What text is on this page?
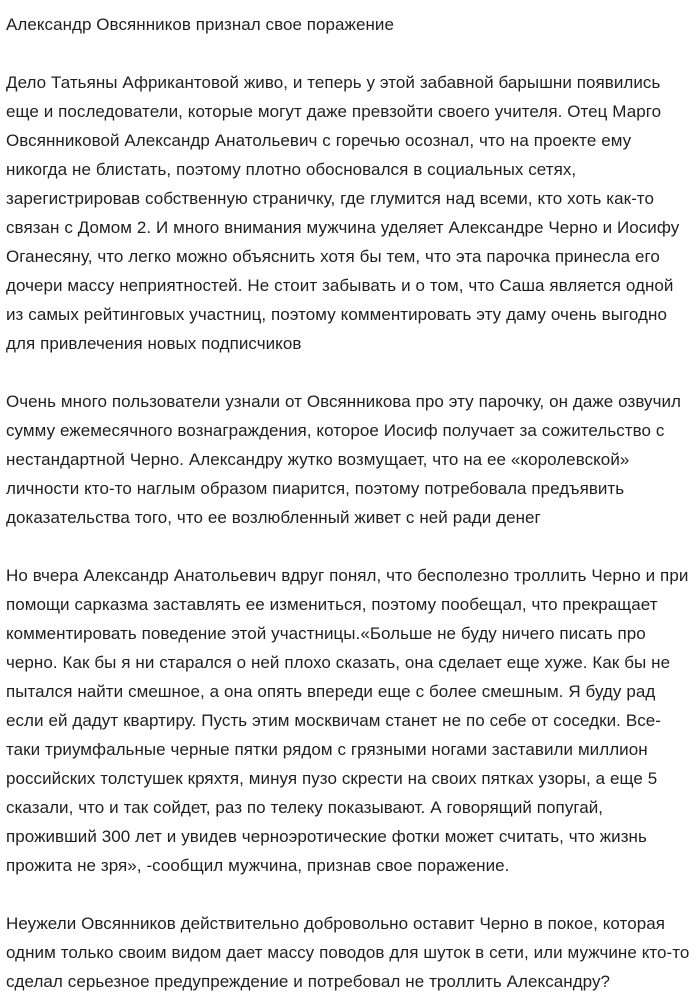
Александр Овсянников признал свое поражение

Дело Татьяны Африкантовой живо, и теперь у этой забавной барышни появились еще и последователи, которые могут даже превзойти своего учителя. Отец Марго Овсянниковой Александр Анатольевич с горечью осознал, что на проекте ему никогда не блистать, поэтому плотно обосновался в социальных сетях, зарегистрировав собственную страничку, где глумится над всеми, кто хоть как-то связан с Домом 2. И много внимания мужчина уделяет Александре Черно и Иосифу Оганесяну, что легко можно объяснить хотя бы тем, что эта парочка принесла его дочери массу неприятностей. Не стоит забывать и о том, что Саша является одной из самых рейтинговых участниц, поэтому комментировать эту даму очень выгодно для привлечения новых подписчиков

Очень много пользователи узнали от Овсянникова про эту парочку, он даже озвучил сумму ежемесячного вознаграждения, которое Иосиф получает за сожительство с нестандартной Черно. Александру жутко возмущает, что на ее «королевской» личности кто-то наглым образом пиарится, поэтому потребовала предъявить доказательства того, что ее возлюбленный живет с ней ради денег

Но вчера Александр Анатольевич вдруг понял, что бесполезно троллить Черно и при помощи сарказма заставлять ее измениться, поэтому пообещал, что прекращает комментировать поведение этой участницы.«Больше не буду ничего писать про черно. Как бы я ни старался о ней плохо сказать, она сделает еще хуже. Как бы не пытался найти смешное, а она опять впереди еще с более смешным. Я буду рад если ей дадут квартиру. Пусть этим москвичам станет не по себе от соседки. Все-таки триумфальные черные пятки рядом с грязными ногами заставили миллион российских толстушек кряхтя, минуя пузо скрести на своих пятках узоры, а еще 5 сказали, что и так сойдет, раз по телеку показывают. А говорящий попугай, проживший 300 лет и увидев черноэротические фотки может считать, что жизнь прожита не зря», -сообщил мужчина, признав свое поражение.

Неужели Овсянников действительно добровольно оставит Черно в покое, которая одним только своим видом дает массу поводов для шуток в сети, или мужчине кто-то сделал серьезное предупреждение и потребовал не троллить Александру?
